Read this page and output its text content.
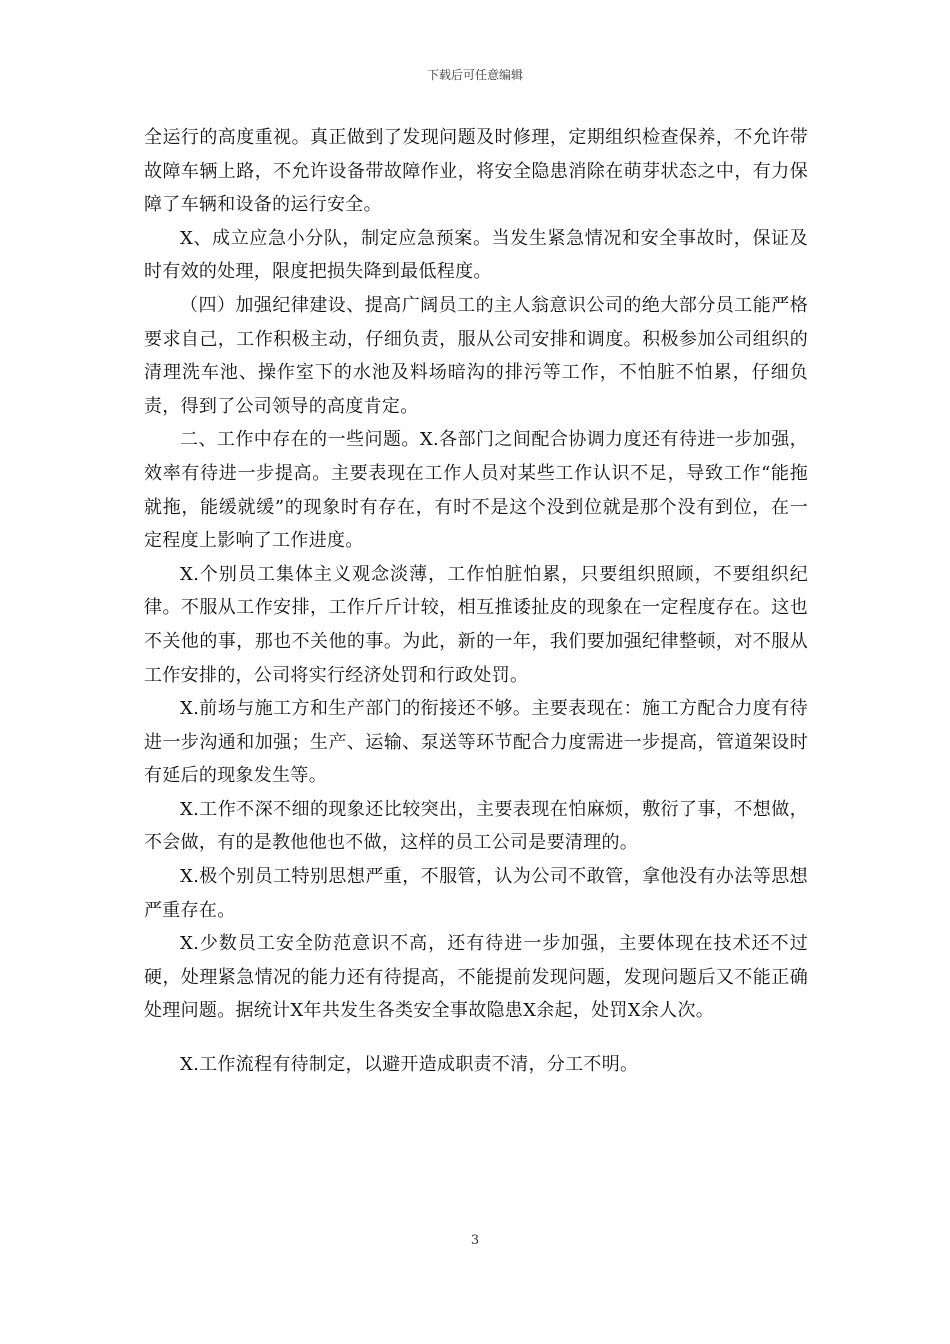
下载后可任意编辑

全运行的高度重视。真正做到了发现问题及时修理，定期组织检查保养，不允许带故障车辆上路，不允许设备带故障作业，将安全隐患消除在萌芽状态之中，有力保障了车辆和设备的运行安全。

X、成立应急小分队，制定应急预案。当发生紧急情况和安全事故时，保证及时有效的处理，限度把损失降到最低程度。

（四）加强纪律建设、提高广阔员工的主人翁意识公司的绝大部分员工能严格要求自己，工作积极主动，仔细负责，服从公司安排和调度。积极参加公司组织的清理洗车池、操作室下的水池及料场暗沟的排污等工作，不怕脏不怕累，仔细负责，得到了公司领导的高度肯定。

二、工作中存在的一些问题。X.各部门之间配合协调力度还有待进一步加强，效率有待进一步提高。主要表现在工作人员对某些工作认识不足，导致工作“能拖就拖，能缓就缓”的现象时有存在，有时不是这个没到位就是那个没有到位，在一定程度上影响了工作进度。

X.个别员工集体主义观念淡薄，工作怕脏怕累，只要组织照顾，不要组织纪律。不服从工作安排，工作斤斤计较，相互推诿扯皮的现象在一定程度存在。这也不关他的事，那也不关他的事。为此，新的一年，我们要加强纪律整顿，对不服从工作安排的，公司将实行经济处罚和行政处罚。

X.前场与施工方和生产部门的衔接还不够。主要表现在：施工方配合力度有待进一步沟通和加强；生产、运输、泵送等环节配合力度需进一步提高，管道架设时有延后的现象发生等。

X.工作不深不细的现象还比较突出，主要表现在怕麻烦，敷衍了事，不想做，不会做，有的是教他他也不做，这样的员工公司是要清理的。

X.极个别员工特别思想严重，不服管，认为公司不敢管，拿他没有办法等思想严重存在。

X.少数员工安全防范意识不高，还有待进一步加强，主要体现在技术还不过硬，处理紧急情况的能力还有待提高，不能提前发现问题，发现问题后又不能正确处理问题。据统计X年共发生各类安全事故隐患X余起，处罚X余人次。

X.工作流程有待制定，以避开造成职责不清，分工不明。

3
